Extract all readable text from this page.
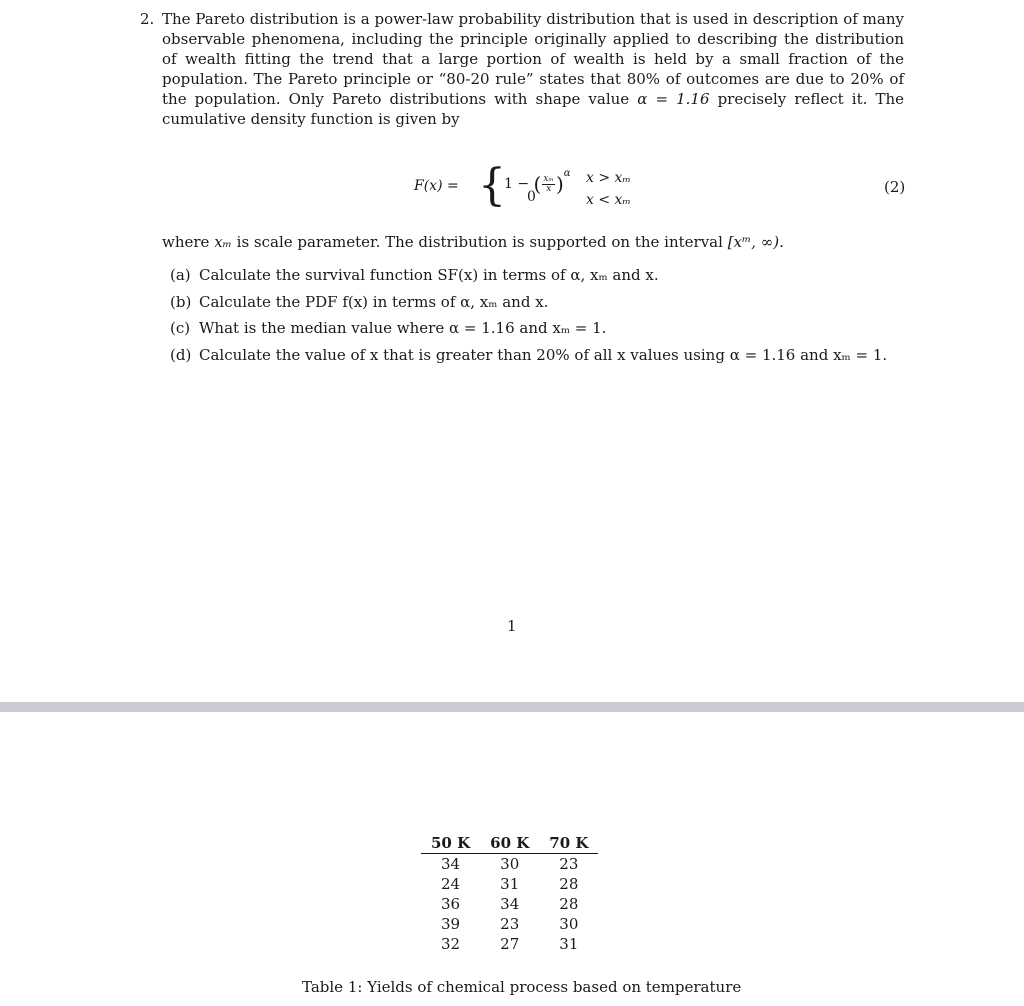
2. The Pareto distribution is a power-law probability distribution that is used in description of many observable phenomena, including the principle originally applied to describing the distribution of wealth fitting the trend that a large portion of wealth is held by a small fraction of the population. The Pareto principle or “80-20 rule” states that 80% of outcomes are due to 20% of the population. Only Pareto distributions with shape value α = 1.16 precisely reflect it. The cumulative density function is given by
F(x) = {
1 − ( $\frac{\text{xₘ}}{x} )^\alpha$
0
x > xₘ
x < xₘ
(2)
where xₘ is scale parameter. The distribution is supported on the interval [xᵐ, ∞).
(a) Calculate the survival function SF(x) in terms of α, xₘ and x.
(b) Calculate the PDF f(x) in terms of α, xₘ and x.
(c) What is the median value where α = 1.16 and xₘ = 1.
(d) Calculate the value of x that is greater than 20% of all x values using α = 1.16 and xₘ = 1.
1
50 K	60 K	70 K
34	30	23
24	31	28
36	34	28
39	23	30
32	27	31
Table 1: Yields of chemical process based on temperature
